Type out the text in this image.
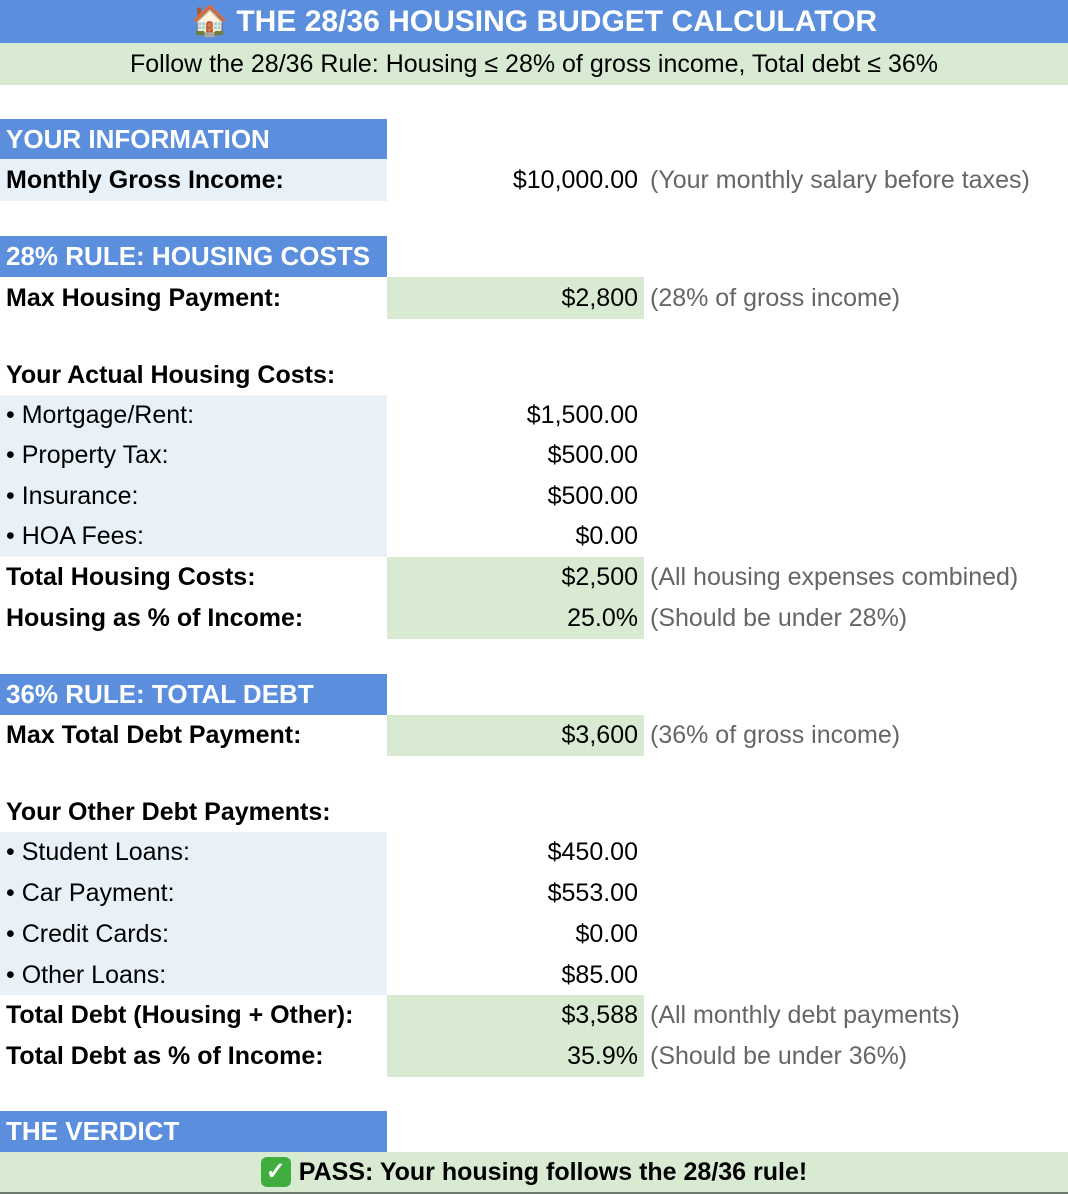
🏠 THE 28/36 HOUSING BUDGET CALCULATOR
Follow the 28/36 Rule: Housing ≤ 28% of gross income, Total debt ≤ 36%
YOUR INFORMATION
Monthly Gross Income:	$10,000.00 (Your monthly salary before taxes)
28% RULE: HOUSING COSTS
Max Housing Payment:	$2,800 (28% of gross income)
Your Actual Housing Costs:
• Mortgage/Rent:	$1,500.00
• Property Tax:	$500.00
• Insurance:	$500.00
• HOA Fees:	$0.00
Total Housing Costs:	$2,500 (All housing expenses combined)
Housing as % of Income:	25.0% (Should be under 28%)
36% RULE: TOTAL DEBT
Max Total Debt Payment:	$3,600 (36% of gross income)
Your Other Debt Payments:
• Student Loans:	$450.00
• Car Payment:	$553.00
• Credit Cards:	$0.00
• Other Loans:	$85.00
Total Debt (Housing + Other):	$3,588 (All monthly debt payments)
Total Debt as % of Income:	35.9% (Should be under 36%)
THE VERDICT
✓ PASS: Your housing follows the 28/36 rule!
